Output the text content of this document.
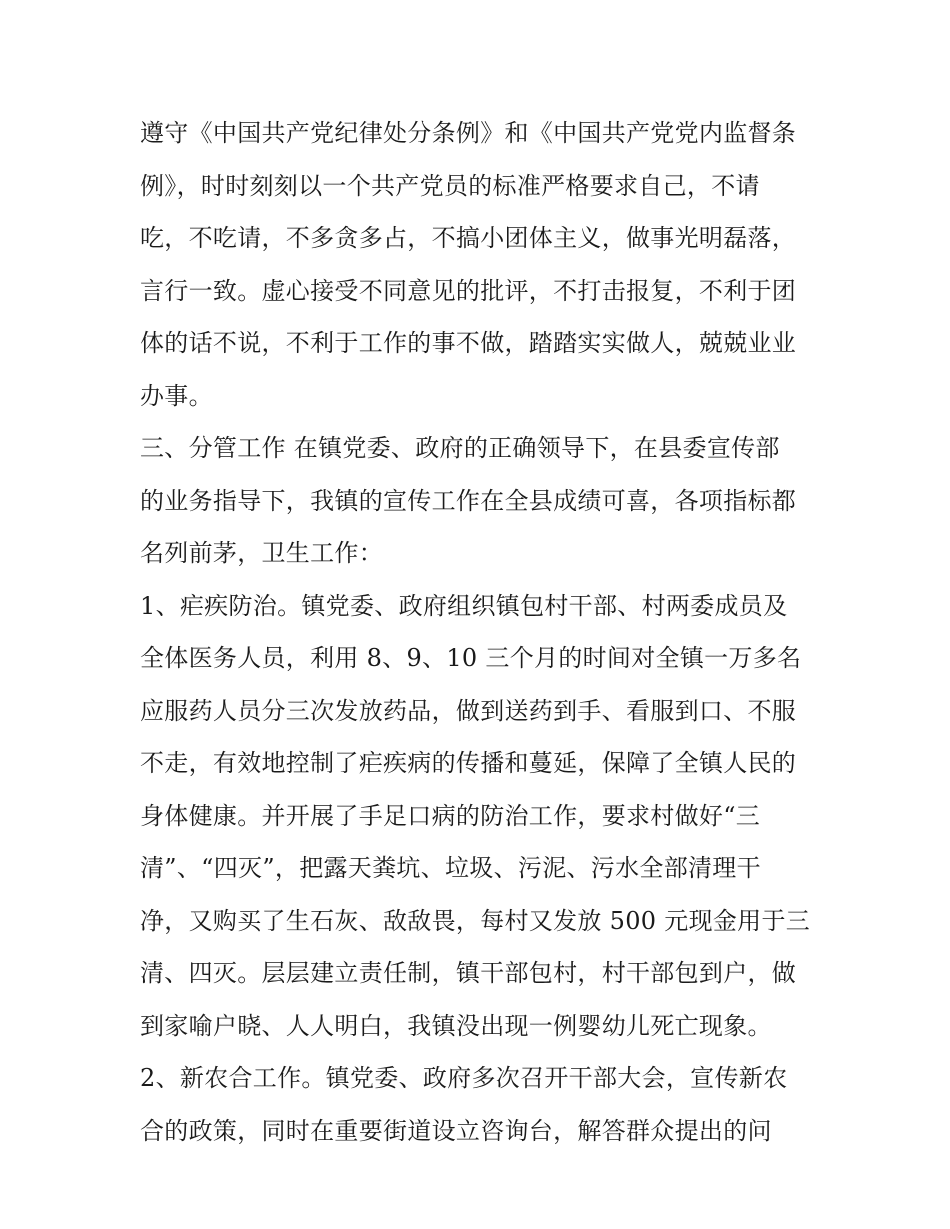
遵守《中国共产党纪律处分条例》和《中国共产党党内监督条
例》，时时刻刻以一个共产党员的标准严格要求自己，不请
吃，不吃请，不多贪多占，不搞小团体主义，做事光明磊落，
言行一致。虚心接受不同意见的批评，不打击报复，不利于团
体的话不说，不利于工作的事不做，踏踏实实做人，兢兢业业
办事。
三、分管工作 在镇党委、政府的正确领导下，在县委宣传部
的业务指导下，我镇的宣传工作在全县成绩可喜，各项指标都
名列前茅，卫生工作：
1、疟疾防治。镇党委、政府组织镇包村干部、村两委成员及
全体医务人员，利用 8、9、10 三个月的时间对全镇一万多名
应服药人员分三次发放药品，做到送药到手、看服到口、不服
不走，有效地控制了疟疾病的传播和蔓延，保障了全镇人民的
身体健康。并开展了手足口病的防治工作，要求村做好“三
清”、“四灭”，把露天粪坑、垃圾、污泥、污水全部清理干
净，又购买了生石灰、敌敌畏，每村又发放 500 元现金用于三
清、四灭。层层建立责任制，镇干部包村，村干部包到户，做
到家喻户晓、人人明白，我镇没出现一例婴幼儿死亡现象。
2、新农合工作。镇党委、政府多次召开干部大会，宣传新农
合的政策，同时在重要街道设立咨询台，解答群众提出的问
